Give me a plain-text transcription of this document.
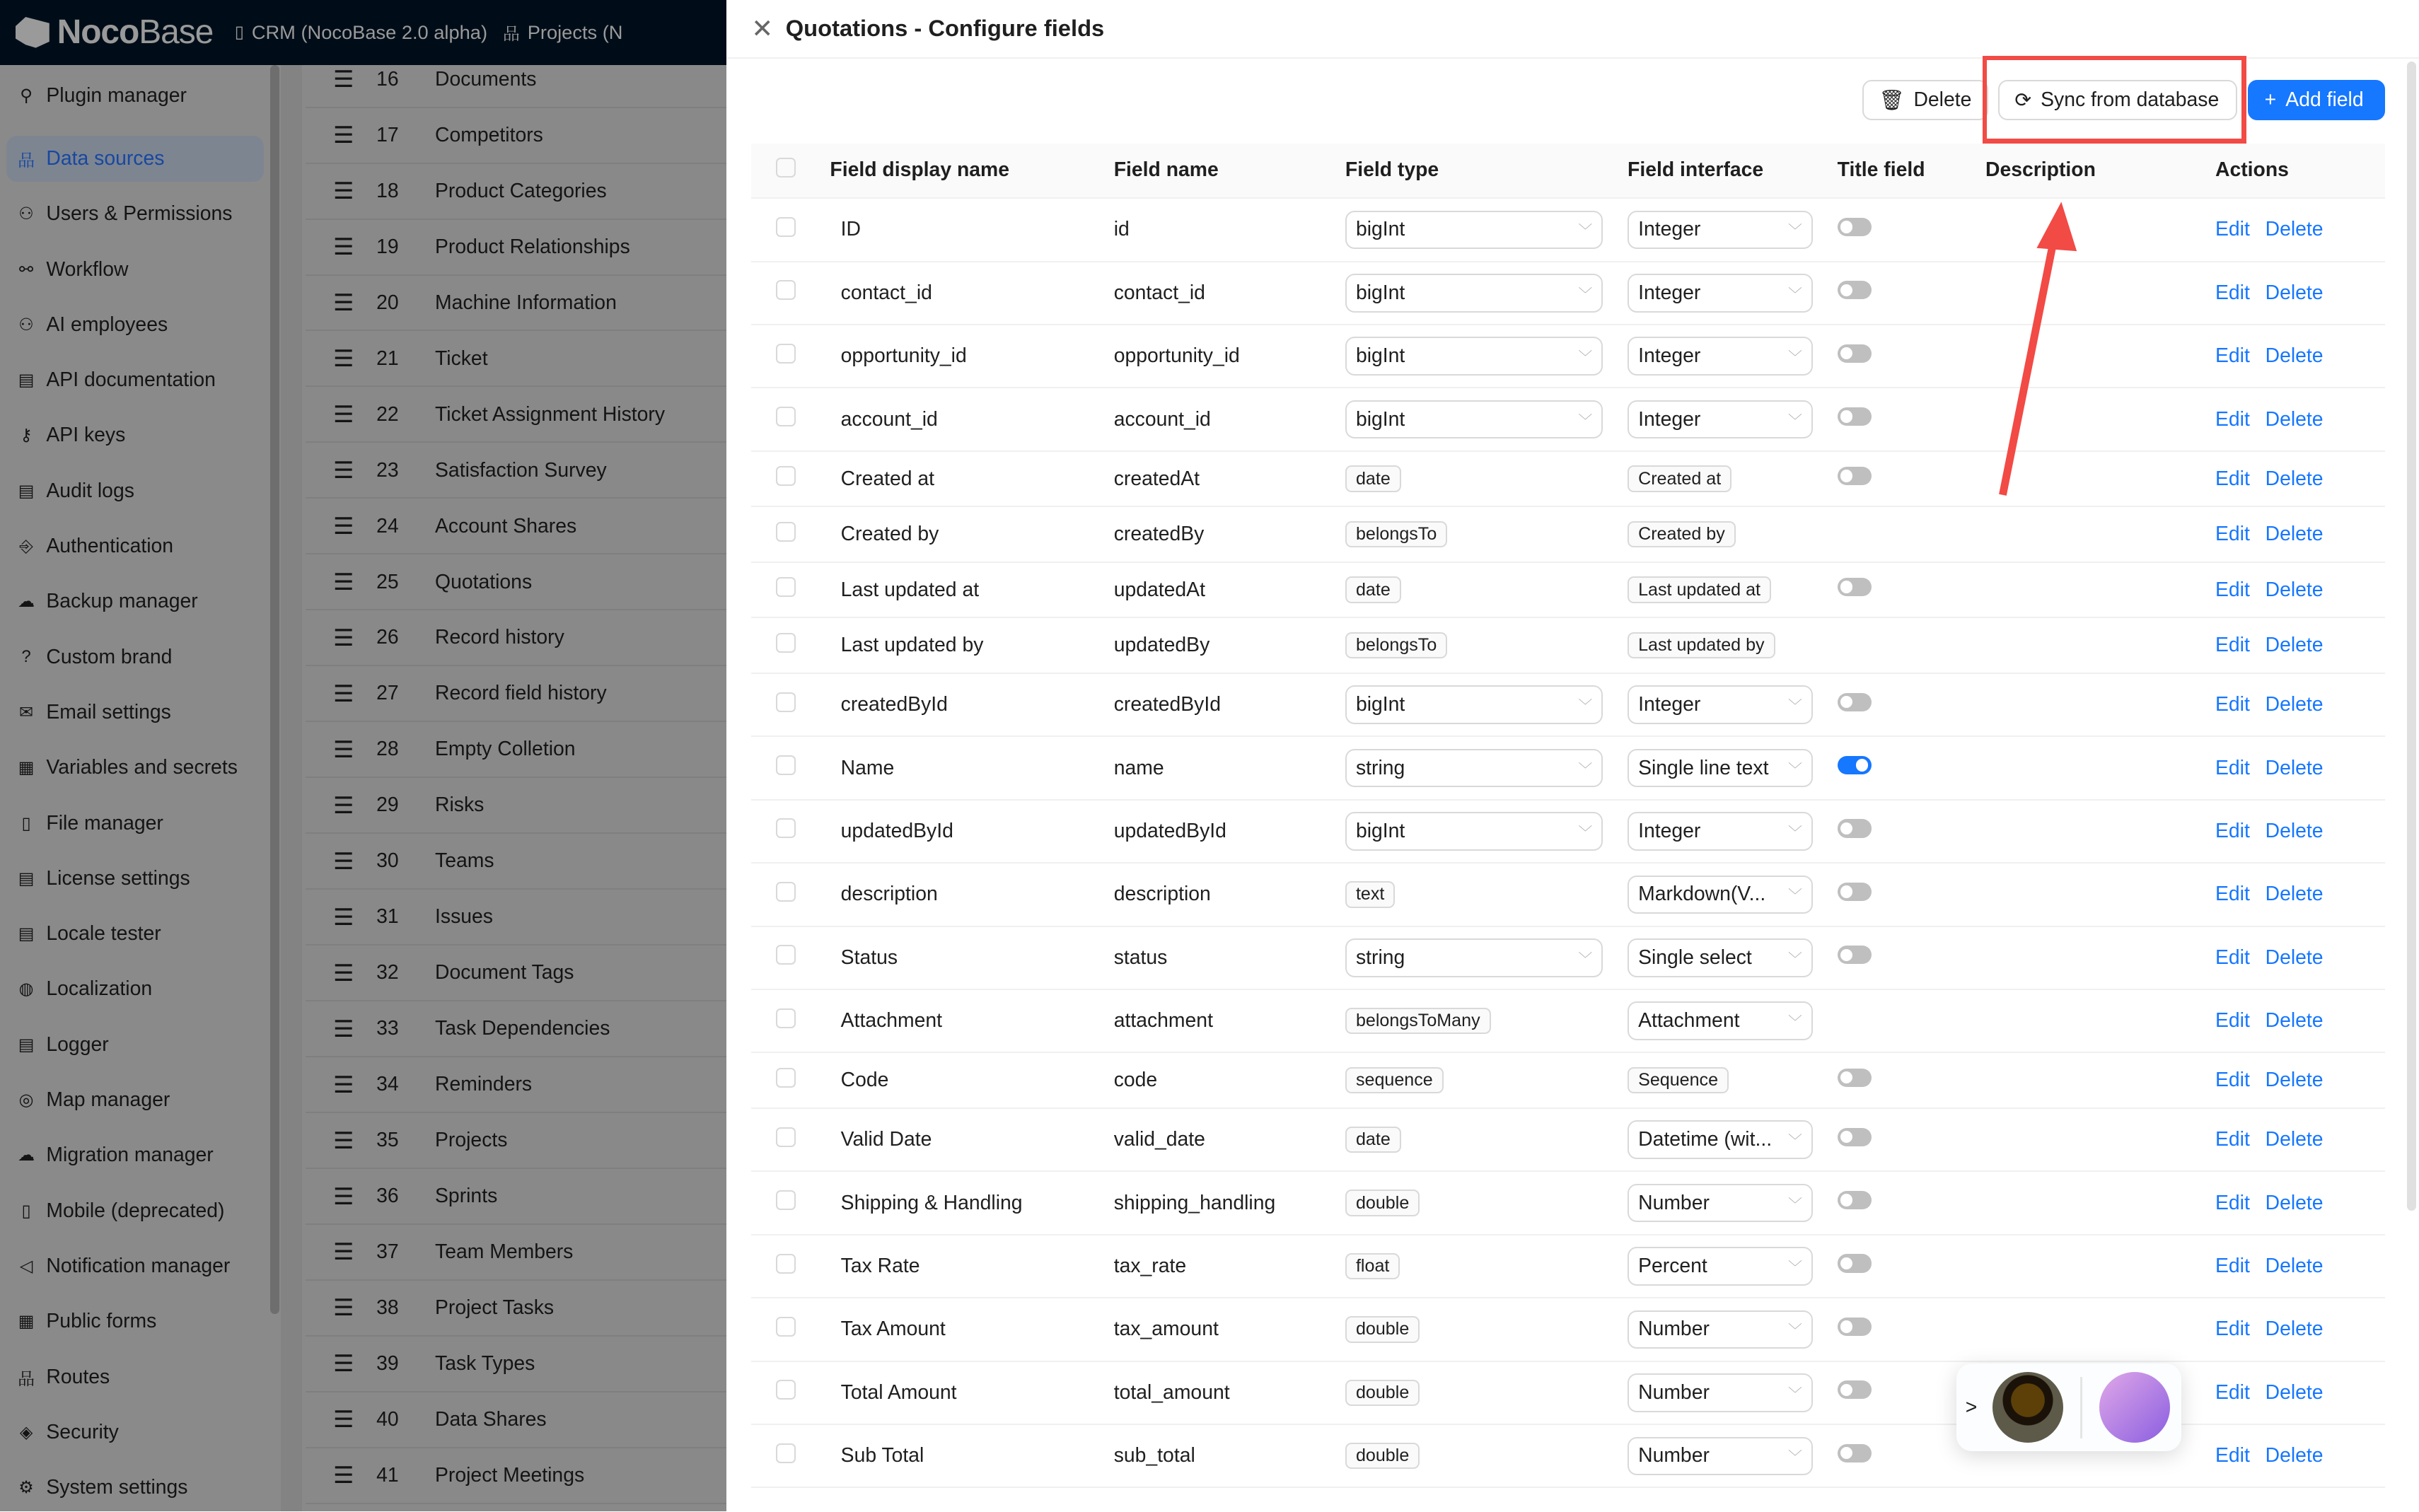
Noco Base	▯ CRM (NocoBase 2.0 alpha) 品 Projects (N
⚲	Plugin manager
品 Data sources
⚇	Users & Permissions
⚯	Workflow
⚇	AI employees
▤	API documentation
⚷	API keys
▤	Audit logs
⎆	Authentication
☁ Backup manager
?	Custom brand
✉	Email settings
▦	Variables and secrets
▯	File manager
▤	License settings
▤	Locale tester
◍	Localization
▤	Logger
◎	Map manager
☁ Migration manager
▯	Mobile (deprecated)
◁	Notification manager
▦	Public forms
品 Routes
◈	Security
⚙	System settings
☰ 16	Documents
☰ 17	Competitors
☰ 18	Product Categories
☰ 19	Product Relationships
☰ 20	Machine Information
☰ 21	Ticket
☰ 22	Ticket Assignment History
☰ 23	Satisfaction Survey
☰ 24	Account Shares
☰ 25	Quotations
☰ 26	Record history
☰ 27	Record field history
☰ 28	Empty Colletion
☰ 29	Risks
☰ 30	Teams
☰ 31	Issues
☰ 32	Document Tags
☰ 33	Task Dependencies
☰ 34	Reminders
☰ 35	Projects
☰ 36	Sprints
☰ 37	Team Members
☰ 38	Project Tasks
☰ 39	Task Types
☰ 40	Data Shares
☰ 41	Project Meetings
✕ Quotations - Configure fields
🗑 Delete	⟳ Sync from database	+ Add field
	Field display name	Field name	Field type	Field interface	Title field	Description	Actions
	ID	id	bigInt ﹀	Integer ﹀			Edit Delete
	contact_id	contact_id	bigInt ﹀	Integer ﹀			Edit Delete
	opportunity_id	opportunity_id	bigInt ﹀	Integer ﹀			Edit Delete
	account_id	account_id	bigInt ﹀	Integer ﹀			Edit Delete
	Created at	createdAt	date	Created at			Edit Delete
	Created by	createdBy	belongsTo	Created by			Edit Delete
	Last updated at	updatedAt	date	Last updated at			Edit Delete
	Last updated by	updatedBy	belongsTo	Last updated by			Edit Delete
	createdById	createdById	bigInt ﹀	Integer ﹀			Edit Delete
	Name	name	string ﹀	Single line text ﹀			Edit Delete
	updatedById	updatedById	bigInt ﹀	Integer ﹀			Edit Delete
	description	description	text	Markdown(V... ﹀			Edit Delete
	Status	status	string ﹀	Single select ﹀			Edit Delete
	Attachment	attachment	belongsToMany	Attachment ﹀			Edit Delete
	Code	code	sequence	Sequence			Edit Delete
	Valid Date	valid_date	date	Datetime (wit... ﹀			Edit Delete
	Shipping & Handling	shipping_handling	double	Number ﹀			Edit Delete
	Tax Rate	tax_rate	float	Percent ﹀			Edit Delete
	Tax Amount	tax_amount	double	Number ﹀			Edit Delete
	Total Amount	total_amount	double	Number ﹀			Edit Delete
	Sub Total	sub_total	double	Number ﹀			Edit Delete
>
